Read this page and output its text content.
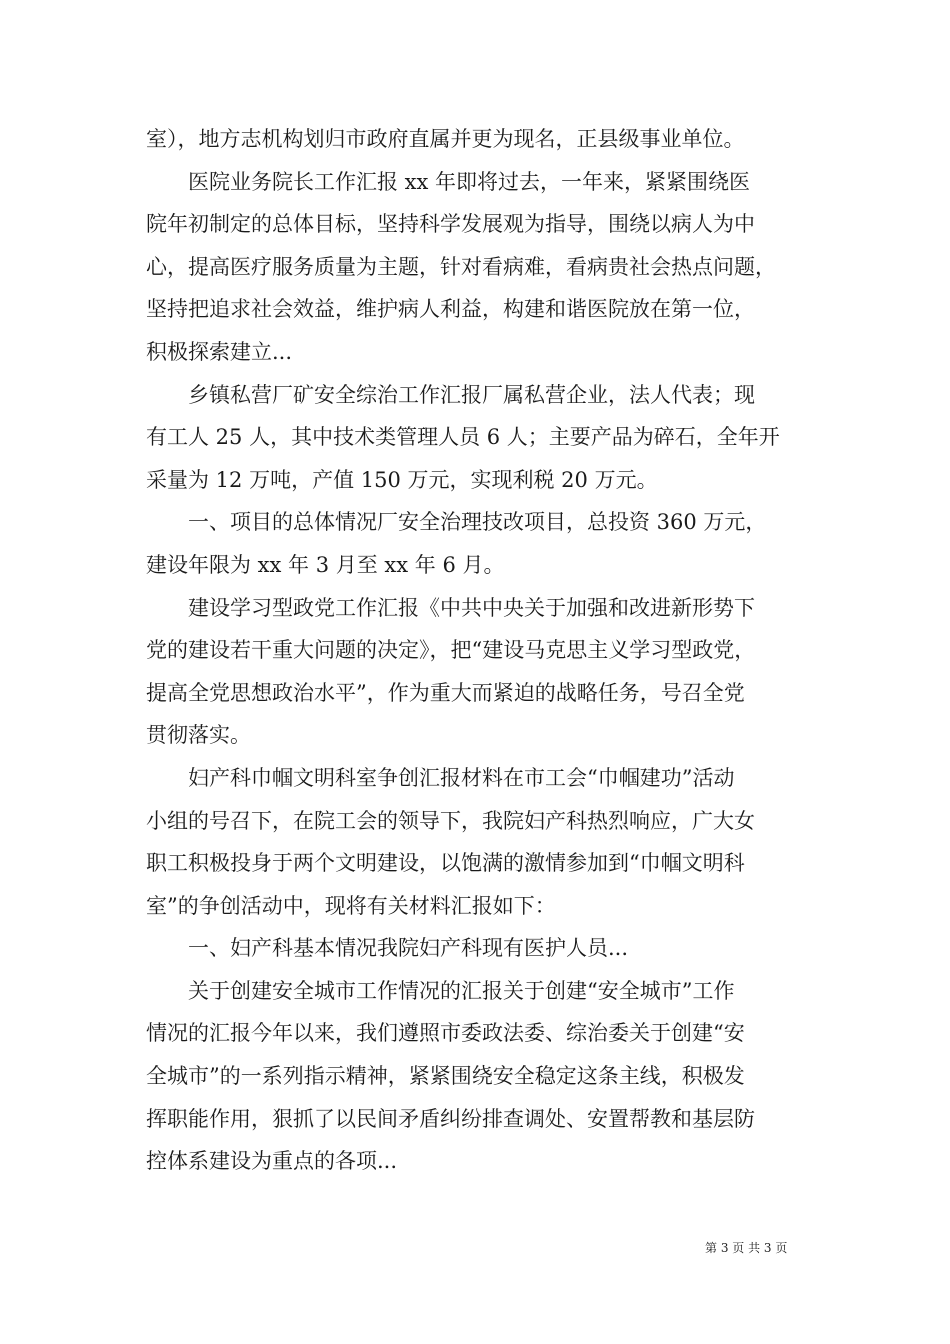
室），地方志机构划归市政府直属并更为现名，正县级事业单位。
　　医院业务院长工作汇报 xx 年即将过去，一年来，紧紧围绕医
院年初制定的总体目标，坚持科学发展观为指导，围绕以病人为中
心，提高医疗服务质量为主题，针对看病难，看病贵社会热点问题，
坚持把追求社会效益，维护病人利益，构建和谐医院放在第一位，
积极探索建立...
　　乡镇私营厂矿安全综治工作汇报厂属私营企业，法人代表；现
有工人 25 人，其中技术类管理人员 6 人；主要产品为碎石，全年开
采量为 12 万吨，产值 150 万元，实现利税 20 万元。
　　一、项目的总体情况厂安全治理技改项目，总投资 360 万元，
建设年限为 xx 年 3 月至 xx 年 6 月。
　　建设学习型政党工作汇报《中共中央关于加强和改进新形势下
党的建设若干重大问题的决定》，把“建设马克思主义学习型政党，
提高全党思想政治水平”，作为重大而紧迫的战略任务，号召全党
贯彻落实。
　　妇产科巾帼文明科室争创汇报材料在市工会“巾帼建功”活动
小组的号召下，在院工会的领导下，我院妇产科热烈响应，广大女
职工积极投身于两个文明建设，以饱满的激情参加到“巾帼文明科
室”的争创活动中，现将有关材料汇报如下：
　　一、妇产科基本情况我院妇产科现有医护人员...
　　关于创建安全城市工作情况的汇报关于创建“安全城市”工作
情况的汇报今年以来，我们遵照市委政法委、综治委关于创建“安
全城市”的一系列指示精神，紧紧围绕安全稳定这条主线，积极发
挥职能作用，狠抓了以民间矛盾纠纷排查调处、安置帮教和基层防
控体系建设为重点的各项...
第 3 页 共 3 页
